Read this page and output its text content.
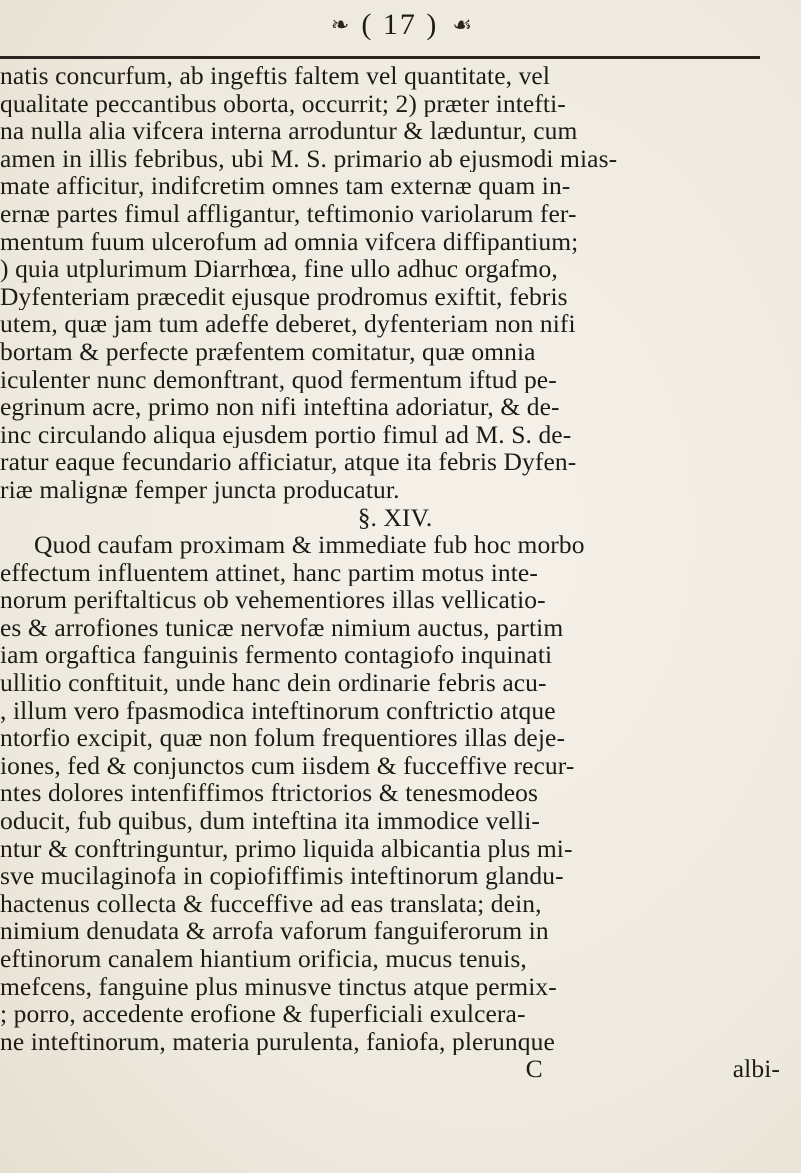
❧ ( 17 ) ☙
natis concurfum, ab ingeftis faltem vel quantitate, vel
qualitate peccantibus oborta, occurrit; 2) præter intefti-
na nulla alia vifcera interna arroduntur & læduntur, cum
amen in illis febribus, ubi M. S. primario ab ejusmodi mias-
mate afficitur, indifcretim omnes tam externæ quam in-
ernæ partes fimul affligantur, teftimonio variolarum fer-
mentum fuum ulcerofum ad omnia vifcera diffipantium;
) quia utplurimum Diarrhœa, fine ullo adhuc orgafmo,
Dyfenteriam præcedit ejusque prodromus exiftit, febris
utem, quæ jam tum adeffe deberet, dyfenteriam non nifi
bortam & perfecte præfentem comitatur, quæ omnia
iculenter nunc demonftrant, quod fermentum iftud pe-
egrinum acre, primo non nifi inteftina adoriatur, & de-
inc circulando aliqua ejusdem portio fimul ad M. S. de-
ratur eaque fecundario afficiatur, atque ita febris Dyfen-
riæ malignæ femper juncta producatur.
§. XIV.
Quod caufam proximam & immediate fub hoc morbo
effectum influentem attinet, hanc partim motus inte-
norum periftalticus ob vehementiores illas vellicatio-
es & arrofiones tunicæ nervofæ nimium auctus, partim
iam orgaftica fanguinis fermento contagiofo inquinati
ullitio conftituit, unde hanc dein ordinarie febris acu-
, illum vero fpasmodica inteftinorum conftrictio atque
ntorfio excipit, quæ non folum frequentiores illas deje-
iones, fed & conjunctos cum iisdem & fucceffive recur-
ntes dolores intenfiffimos ftrictorios & tenesmodeos
oducit, fub quibus, dum inteftina ita immodice velli-
ntur & conftringuntur, primo liquida albicantia plus mi-
sve mucilaginofa in copiofiffimis inteftinorum glandu-
hactenus collecta & fucceffive ad eas translata; dein,
nimium denudata & arrofa vaforum fanguiferorum in
eftinorum canalem hiantium orificia, mucus tenuis,
mefcens, fanguine plus minusve tinctus atque permix-
; porro, accedente erofione & fuperficiali exulcera-
ne inteftinorum, materia purulenta, faniofa, plerunque
C	albi-
